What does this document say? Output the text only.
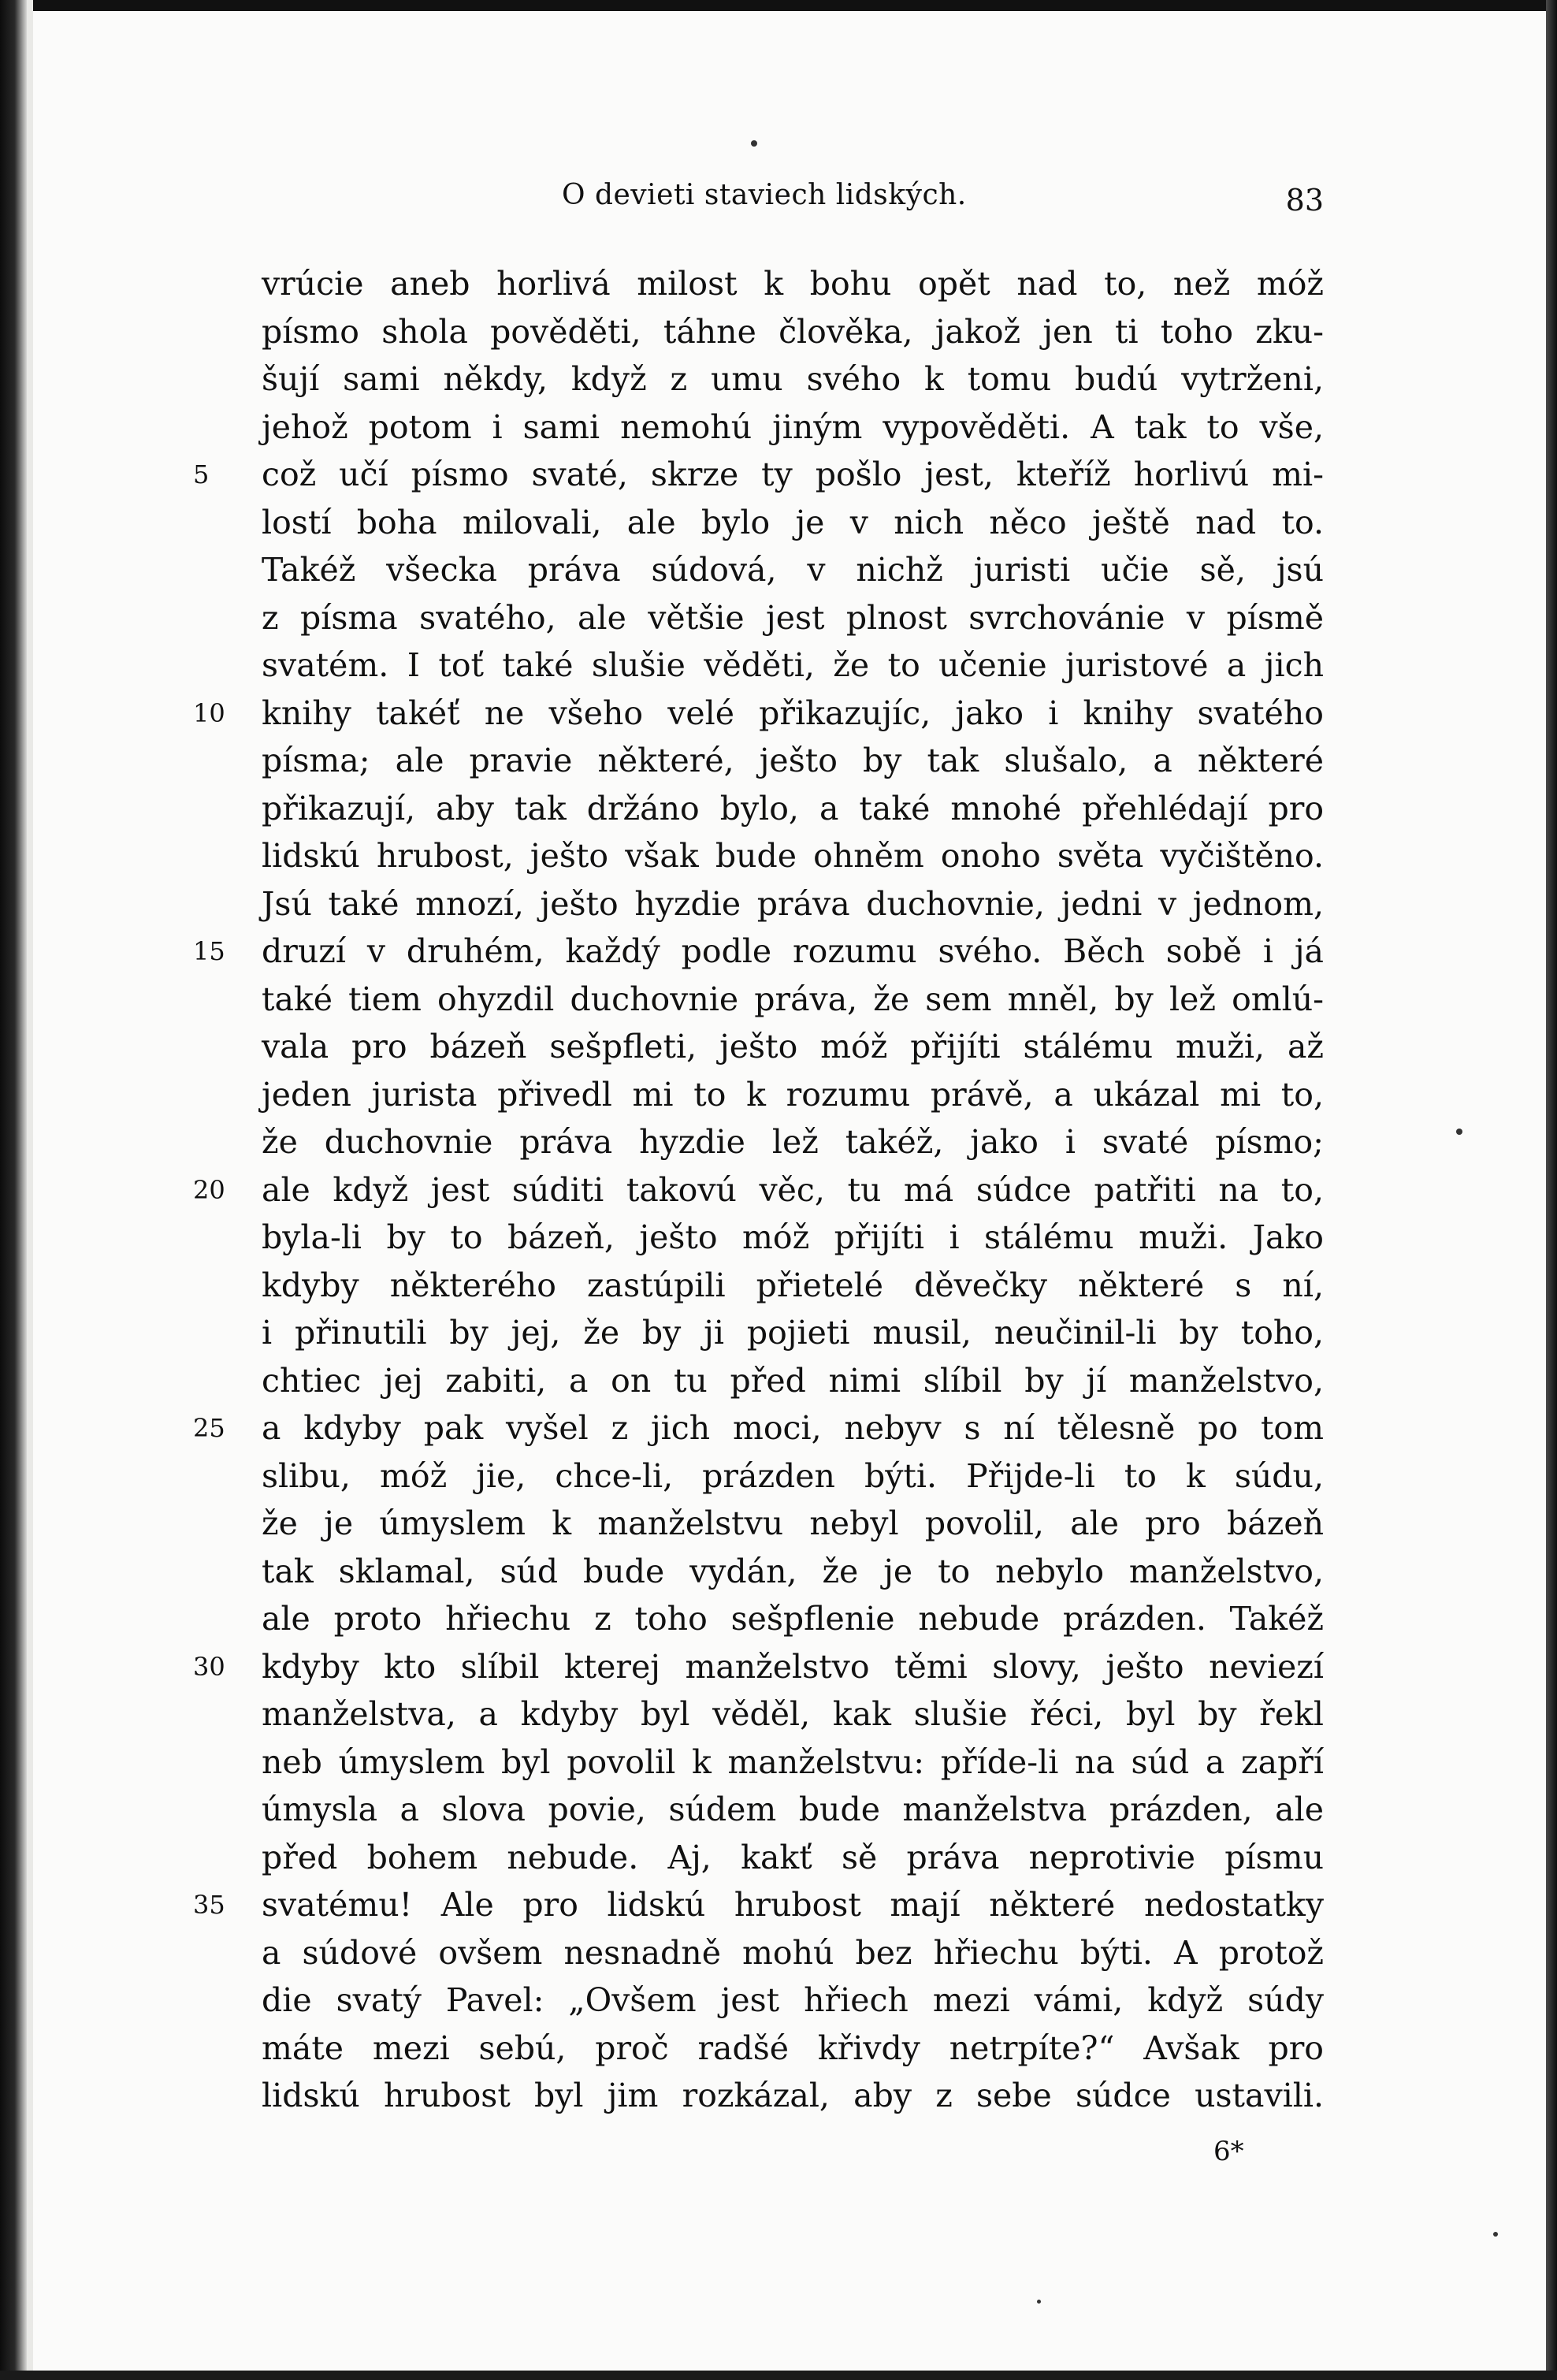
O devieti staviech lidských.	83
vrúcie aneb horlivá milost k bohu opět nad to, než móž
písmo shola pověděti, táhne člověka, jakož jen ti toho zku-
šují sami někdy, když z umu svého k tomu budú vytrženi,
jehož potom i sami nemohú jiným vypověděti. A tak to vše,
5	což učí písmo svaté, skrze ty pošlo jest, kteříž horlivú mi-
lostí boha milovali, ale bylo je v nich něco ještě nad to.
Takéž všecka práva súdová, v nichž juristi učie sě, jsú
z písma svatého, ale většie jest plnost svrchovánie v písmě
svatém. I toť také slušie věděti, že to učenie juristové a jich
10	knihy takéť ne všeho velé přikazujíc, jako i knihy svatého
písma; ale pravie některé, ješto by tak slušalo, a některé
přikazují, aby tak držáno bylo, a také mnohé přehlédají pro
lidskú hrubost, ješto však bude ohněm onoho světa vyčištěno.
Jsú také mnozí, ješto hyzdie práva duchovnie, jedni v jednom,
15	druzí v druhém, každý podle rozumu svého. Běch sobě i já
také tiem ohyzdil duchovnie práva, že sem mněl, by lež omlú-
vala pro bázeň sešpfleti, ješto móž přijíti stálému muži, až
jeden jurista přivedl mi to k rozumu právě, a ukázal mi to,
že duchovnie práva hyzdie lež takéž, jako i svaté písmo;
20	ale když jest súditi takovú věc, tu má súdce patřiti na to,
byla-li by to bázeň, ješto móž přijíti i stálému muži. Jako
kdyby některého zastúpili přietelé děvečky některé s ní,
i přinutili by jej, že by ji pojieti musil, neučinil-li by toho,
chtiec jej zabiti, a on tu před nimi slíbil by jí manželstvo,
25	a kdyby pak vyšel z jich moci, nebyv s ní tělesně po tom
slibu, móž jie, chce-li, prázden býti. Přijde-li to k súdu,
že je úmyslem k manželstvu nebyl povolil, ale pro bázeň
tak sklamal, súd bude vydán, že je to nebylo manželstvo,
ale proto hřiechu z toho sešpflenie nebude prázden. Takéž
30	kdyby kto slíbil kterej manželstvo těmi slovy, ješto neviezí
manželstva, a kdyby byl věděl, kak slušie řéci, byl by řekl
neb úmyslem byl povolil k manželstvu: příde-li na súd a zapří
úmysla a slova povie, súdem bude manželstva prázden, ale
před bohem nebude. Aj, kakť sě práva neprotivie písmu
35	svatému! Ale pro lidskú hrubost mají některé nedostatky
a súdové ovšem nesnadně mohú bez hřiechu býti. A protož
die svatý Pavel: „Ovšem jest hřiech mezi vámi, když súdy
máte mezi sebú, proč radšé křivdy netrpíte?“ Avšak pro
lidskú hrubost byl jim rozkázal, aby z sebe súdce ustavili.
6*
